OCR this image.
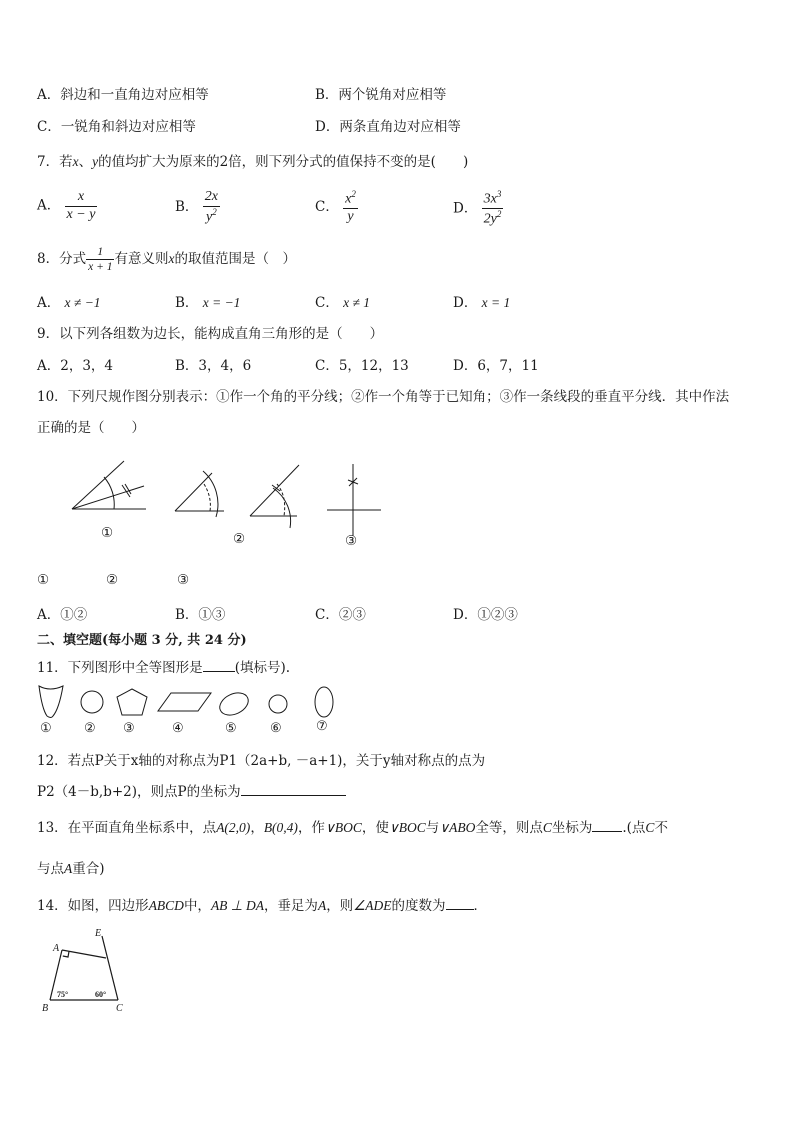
A．斜边和一直角边对应相等	B．两个锐角对应相等
C．一锐角和斜边对应相等	D．两条直角边对应相等
7．若x、y的值均扩大为原来的2倍，则下列分式的值保持不变的是(　　)
A． $\frac{x}{x - y}$	B． $\frac{2x}{y^2}$	C． $\frac{x^2}{y}$	D． $\frac{3x^3}{2y^2}$
8．分式 $\frac{1}{x + 1}$ 有意义则x的取值范围是（　）
A． x ≠ −1	B． x = −1	C． x ≠ 1	D． x = 1
9．以下列各组数为边长，能构成直角三角形的是（　　）
A．2，3，4	B．3，4，6	C．5，12，13	D．6，7，11
10．下列尺规作图分别表示：①作一个角的平分线；②作一个角等于已知角；③作一条线段的垂直平分线．其中作法
正确的是（　　）
①	②	③
①	②	③
A．①②	B．①③	C．②③	D．①②③
二、填空题(每小题 3 分, 共 24 分)
11．下列图形中全等图形是 (填标号).
① ② ③	④	⑤	⑥	⑦
12．若点P关于x轴的对称点为P1（2a+b, －a+1)，关于y轴对称点的点为
P2（4－b,b+2)，则点P的坐标为
13．在平面直角坐标系中，点A(2,0)，B(0,4)，作∨BOC，使∨BOC与∨ABO全等，则点C坐标为 .(点C不
与点A重合)
14．如图，四边形ABCD中，AB ⊥ DA，垂足为A，则∠ADE的度数为 ．
A
E
B	C
75°	60°
